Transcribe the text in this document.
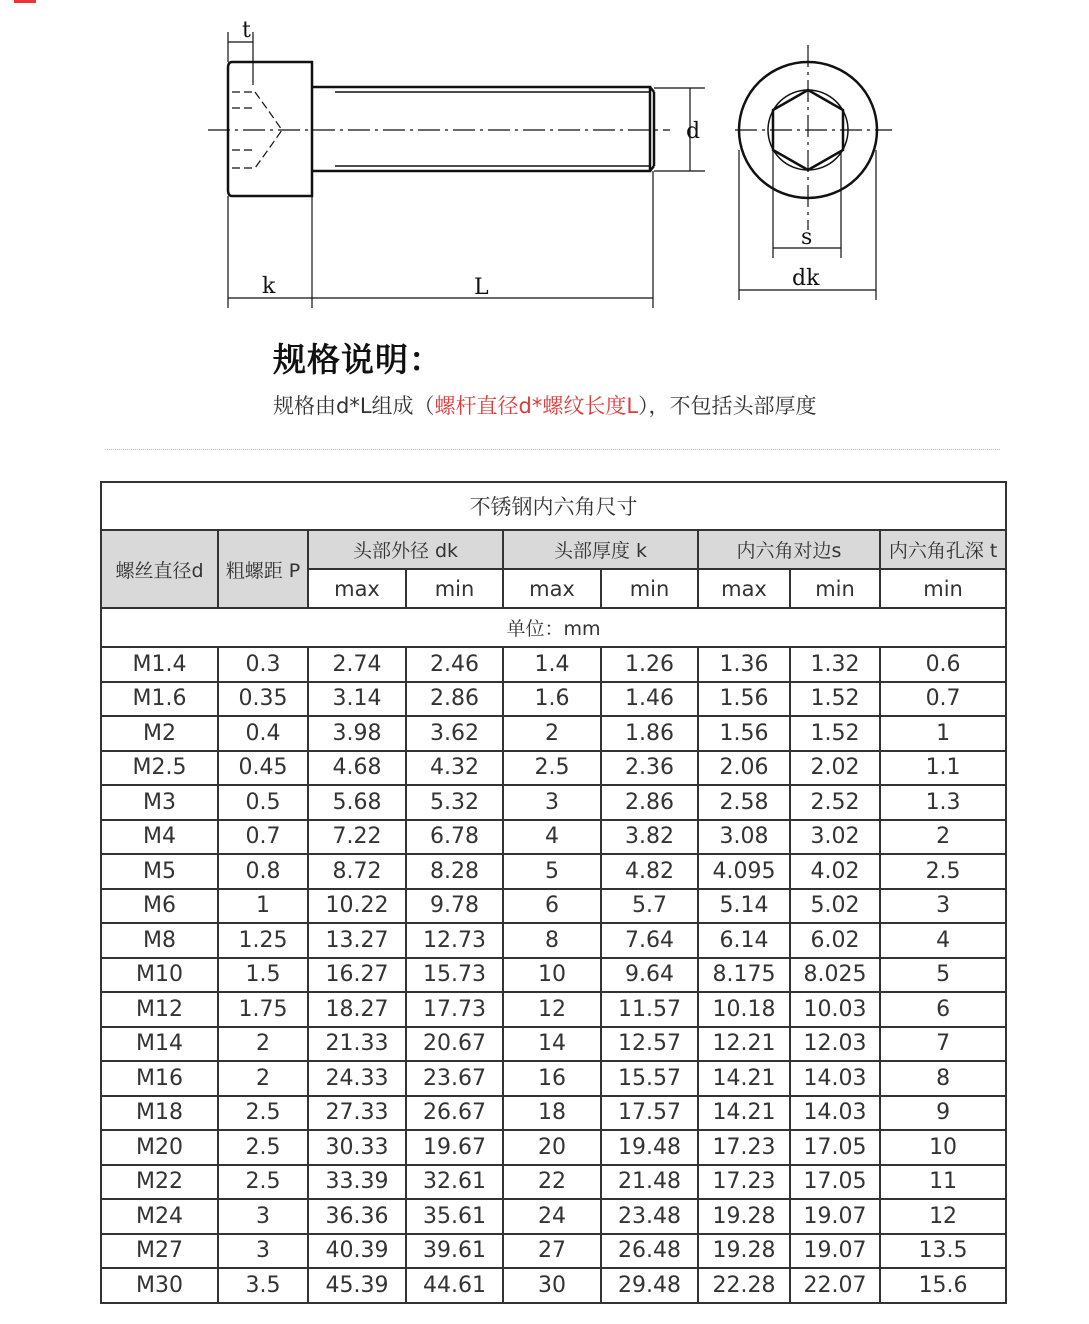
t
d
k	L
s
dk
规格说明：
规格由d*L组成（螺杆直径d*螺纹长度L），不包括头部厚度
不锈钢内六角尺寸								
螺丝直径d	粗螺距 P	头部外径 dk		头部厚度 k		内六角对边s		内六角孔深 t
		max	min	max	min	max	min	min
单位：mm								
M1.4	0.3	2.74	2.46	1.4	1.26	1.36	1.32	0.6
M1.6	0.35	3.14	2.86	1.6	1.46	1.56	1.52	0.7
M2	0.4	3.98	3.62	2	1.86	1.56	1.52	1
M2.5	0.45	4.68	4.32	2.5	2.36	2.06	2.02	1.1
M3	0.5	5.68	5.32	3	2.86	2.58	2.52	1.3
M4	0.7	7.22	6.78	4	3.82	3.08	3.02	2
M5	0.8	8.72	8.28	5	4.82	4.095	4.02	2.5
M6	1	10.22	9.78	6	5.7	5.14	5.02	3
M8	1.25	13.27	12.73	8	7.64	6.14	6.02	4
M10	1.5	16.27	15.73	10	9.64	8.175	8.025	5
M12	1.75	18.27	17.73	12	11.57	10.18	10.03	6
M14	2	21.33	20.67	14	12.57	12.21	12.03	7
M16	2	24.33	23.67	16	15.57	14.21	14.03	8
M18	2.5	27.33	26.67	18	17.57	14.21	14.03	9
M20	2.5	30.33	19.67	20	19.48	17.23	17.05	10
M22	2.5	33.39	32.61	22	21.48	17.23	17.05	11
M24	3	36.36	35.61	24	23.48	19.28	19.07	12
M27	3	40.39	39.61	27	26.48	19.28	19.07	13.5
M30	3.5	45.39	44.61	30	29.48	22.28	22.07	15.6
